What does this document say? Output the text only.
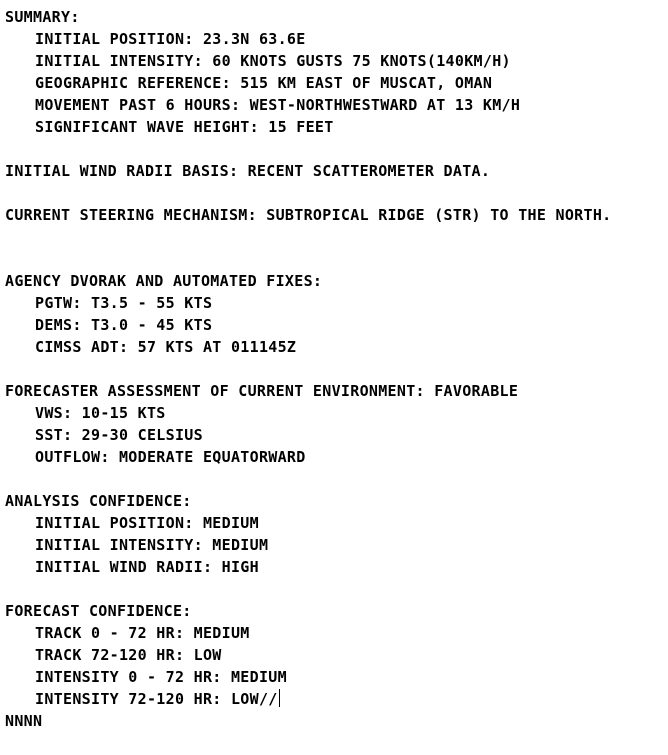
SUMMARY:
INITIAL POSITION: 23.3N 63.6E
INITIAL INTENSITY: 60 KNOTS GUSTS 75 KNOTS(140KM/H)
GEOGRAPHIC REFERENCE: 515 KM EAST OF MUSCAT, OMAN
MOVEMENT PAST 6 HOURS: WEST-NORTHWESTWARD AT 13 KM/H
SIGNIFICANT WAVE HEIGHT: 15 FEET
INITIAL WIND RADII BASIS: RECENT SCATTEROMETER DATA.
CURRENT STEERING MECHANISM: SUBTROPICAL RIDGE (STR) TO THE NORTH.
AGENCY DVORAK AND AUTOMATED FIXES:
PGTW: T3.5 - 55 KTS
DEMS: T3.0 - 45 KTS
CIMSS ADT: 57 KTS AT 011145Z
FORECASTER ASSESSMENT OF CURRENT ENVIRONMENT: FAVORABLE
VWS: 10-15 KTS
SST: 29-30 CELSIUS
OUTFLOW: MODERATE EQUATORWARD
ANALYSIS CONFIDENCE:
INITIAL POSITION: MEDIUM
INITIAL INTENSITY: MEDIUM
INITIAL WIND RADII: HIGH
FORECAST CONFIDENCE:
TRACK 0 - 72 HR: MEDIUM
TRACK 72-120 HR: LOW
INTENSITY 0 - 72 HR: MEDIUM
INTENSITY 72-120 HR: LOW//
NNNN
